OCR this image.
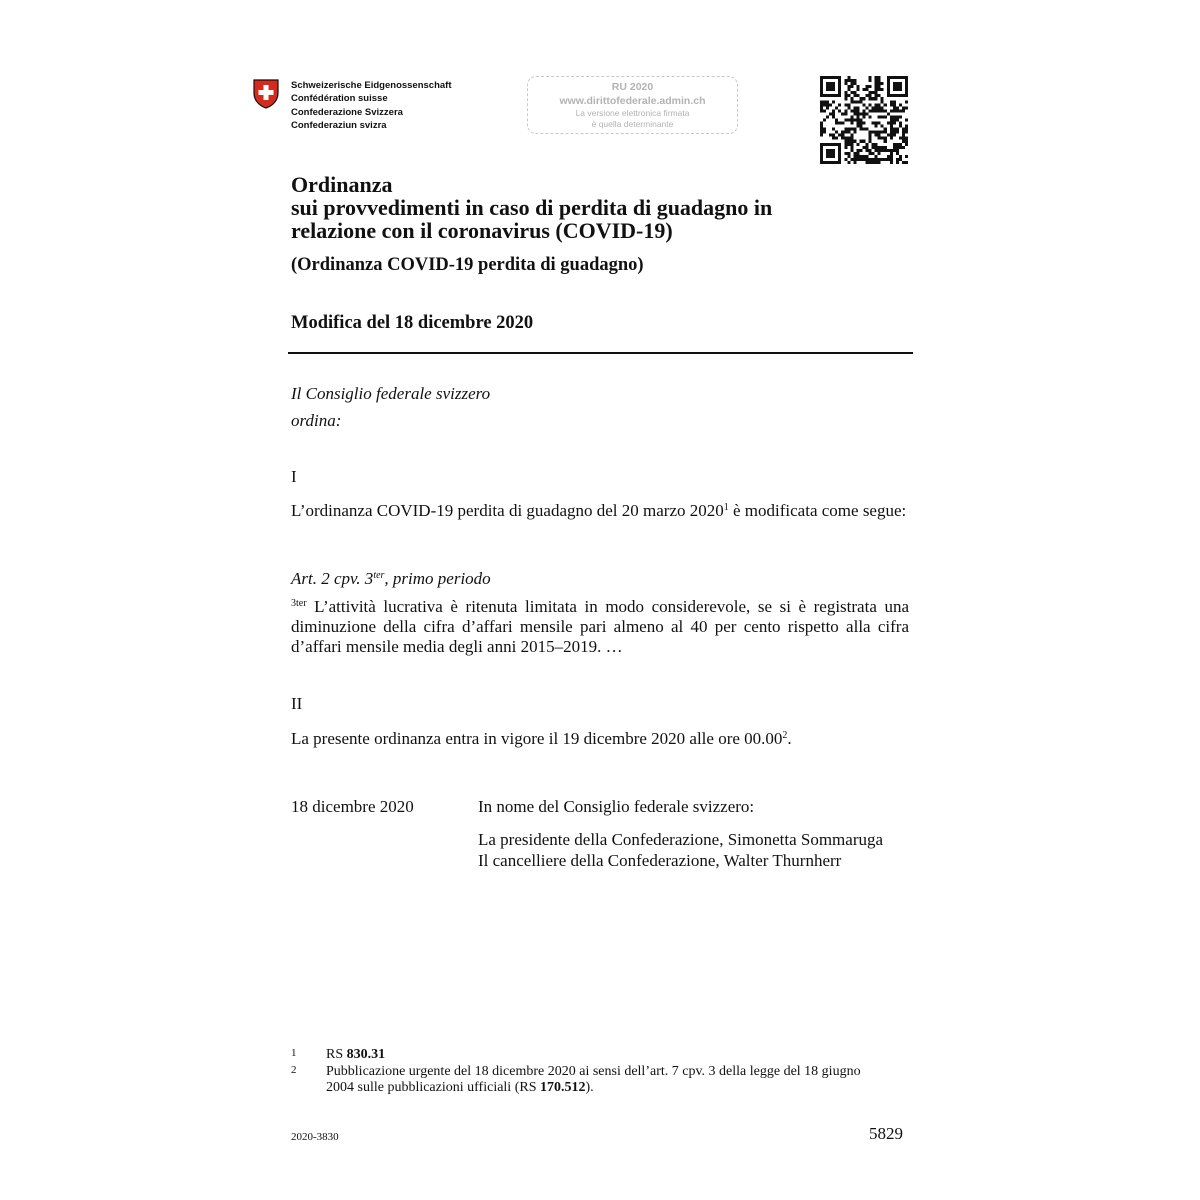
Schweizerische Eidgenossenschaft
Confédération suisse
Confederazione Svizzera
Confederaziun svizra
RU 2020
www.dirittofederale.admin.ch
La versione elettronica firmata
è quella determinante
Ordinanza
sui provvedimenti in caso di perdita di guadagno in
relazione con il coronavirus (COVID-19)
(Ordinanza COVID-19 perdita di guadagno)
Modifica del 18 dicembre 2020
Il Consiglio federale svizzero
ordina:
I
L’ordinanza COVID-19 perdita di guadagno del 20 marzo 2020$^1$ è modificata come segue:
Art. 2 cpv. $3^{ter}$, primo periodo
$^{3ter}$ L’attività lucrativa è ritenuta limitata in modo considerevole, se si è registrata una diminuzione della cifra d’affari mensile pari almeno al 40 per cento rispetto alla cifra d’affari mensile media degli anni 2015–2019. …
II
La presente ordinanza entra in vigore il 19 dicembre 2020 alle ore 00.00$^2$.
18 dicembre 2020	In nome del Consiglio federale svizzero:
La presidente della Confederazione, Simonetta Sommaruga
Il cancelliere della Confederazione, Walter Thurnherr
1 RS 830.31
2 Pubblicazione urgente del 18 dicembre 2020 ai sensi dell’art. 7 cpv. 3 della legge del 18 giugno 2004 sulle pubblicazioni ufficiali (RS 170.512).
2020-3830	5829
